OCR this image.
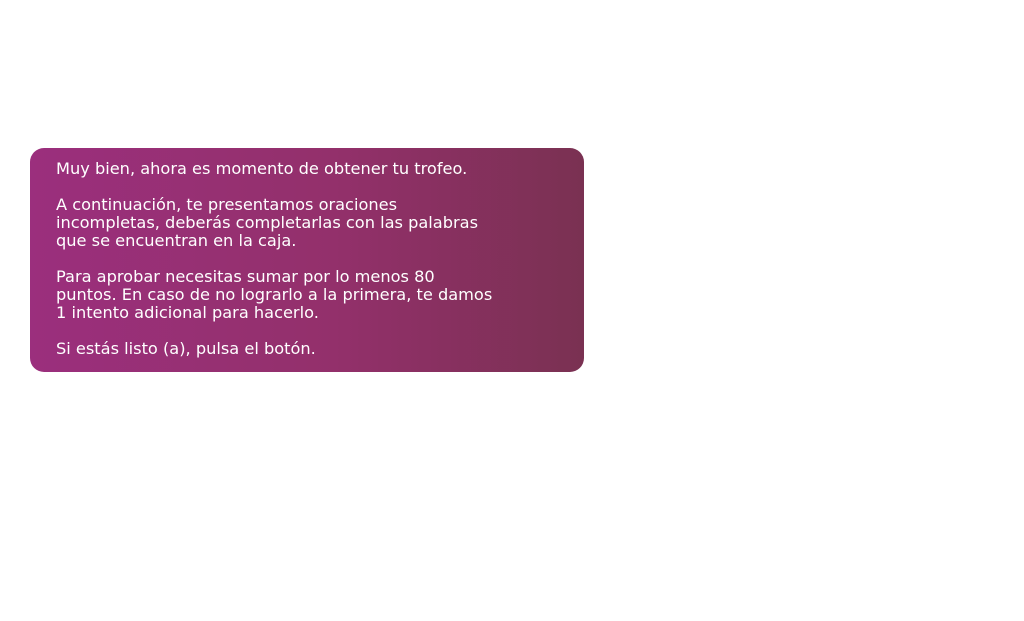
Muy bien, ahora es momento de obtener tu trofeo.

A continuación, te presentamos oraciones incompletas, deberás completarlas con las palabras que se encuentran en la caja.

Para aprobar necesitas sumar por lo menos 80 puntos. En caso de no lograrlo a la primera, te damos 1 intento adicional para hacerlo.

Si estás listo (a), pulsa el botón.
